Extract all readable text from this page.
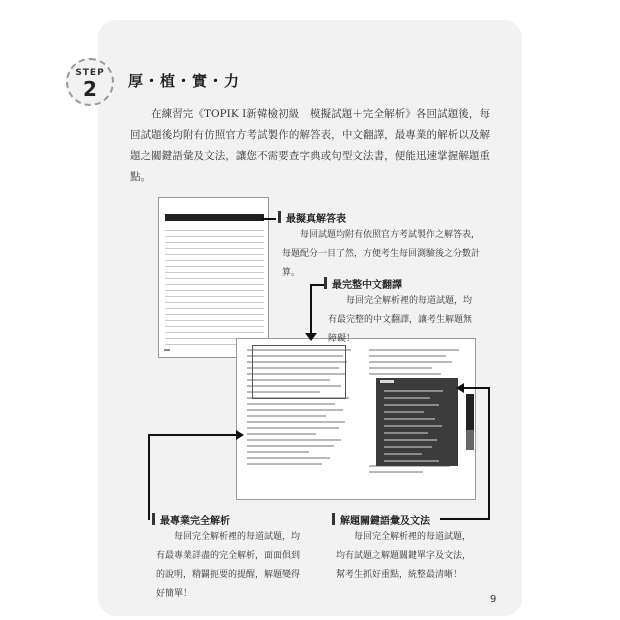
STEP
2	厚・植・實・力
在練習完《TOPIK I新韓檢初級　模擬試題＋完全解析》各回試題後，每回試題後均附有仿照官方考試製作的解答表，中文翻譯，最專業的解析以及解題之關鍵語彙及文法，讓您不需要查字典或句型文法書，便能迅速掌握解題重點。

最擬真解答表
每回試題均附有依照官方考試製作之解答表，每題配分一目了然，方便考生每回測驗後之分數計算。
最完整中文翻譯
每回完全解析裡的每道試題，均有最完整的中文翻譯，讓考生解題無障礙！
最專業完全解析
每回完全解析裡的每道試題，均有最專業詳盡的完全解析，面面俱到的說明，精闢扼要的提醒，解題變得好簡單！
解題關鍵語彙及文法
每回完全解析裡的每道試題，均有試題之解題關鍵單字及文法，幫考生抓好重點，統整最清晰！
9
